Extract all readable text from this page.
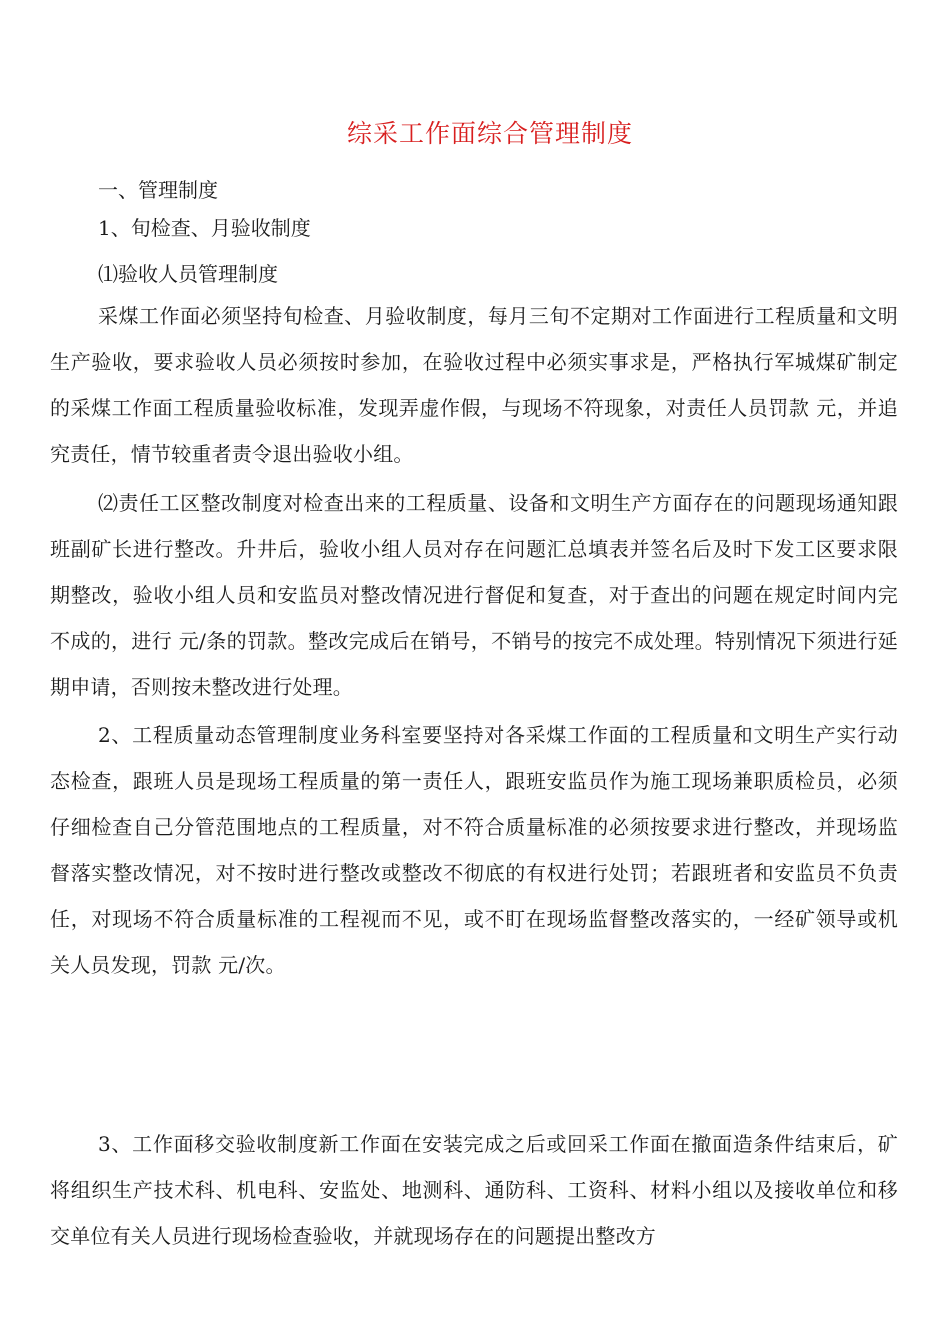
综采工作面综合管理制度
一、管理制度
1、旬检查、月验收制度
⑴验收人员管理制度

采煤工作面必须坚持旬检查、月验收制度，每月三旬不定期对工作面进行工程质量和文明生产验收，要求验收人员必须按时参加，在验收过程中必须实事求是，严格执行军城煤矿制定的采煤工作面工程质量验收标准，发现弄虚作假，与现场不符现象，对责任人员罚款 元，并追究责任，情节较重者责令退出验收小组。

⑵责任工区整改制度对检查出来的工程质量、设备和文明生产方面存在的问题现场通知跟班副矿长进行整改。升井后，验收小组人员对存在问题汇总填表并签名后及时下发工区要求限期整改，验收小组人员和安监员对整改情况进行督促和复查，对于查出的问题在规定时间内完不成的，进行 元/条的罚款。整改完成后在销号，不销号的按完不成处理。特别情况下须进行延期申请，否则按未整改进行处理。

2、工程质量动态管理制度业务科室要坚持对各采煤工作面的工程质量和文明生产实行动态检查，跟班人员是现场工程质量的第一责任人，跟班安监员作为施工现场兼职质检员，必须仔细检查自己分管范围地点的工程质量，对不符合质量标准的必须按要求进行整改，并现场监督落实整改情况，对不按时进行整改或整改不彻底的有权进行处罚；若跟班者和安监员不负责任，对现场不符合质量标准的工程视而不见，或不盯在现场监督整改落实的，一经矿领导或机关人员发现，罚款 元/次。

3、工作面移交验收制度新工作面在安装完成之后或回采工作面在撤面造条件结束后，矿将组织生产技术科、机电科、安监处、地测科、通防科、工资科、材料小组以及接收单位和移交单位有关人员进行现场检查验收，并就现场存在的问题提出整改方
